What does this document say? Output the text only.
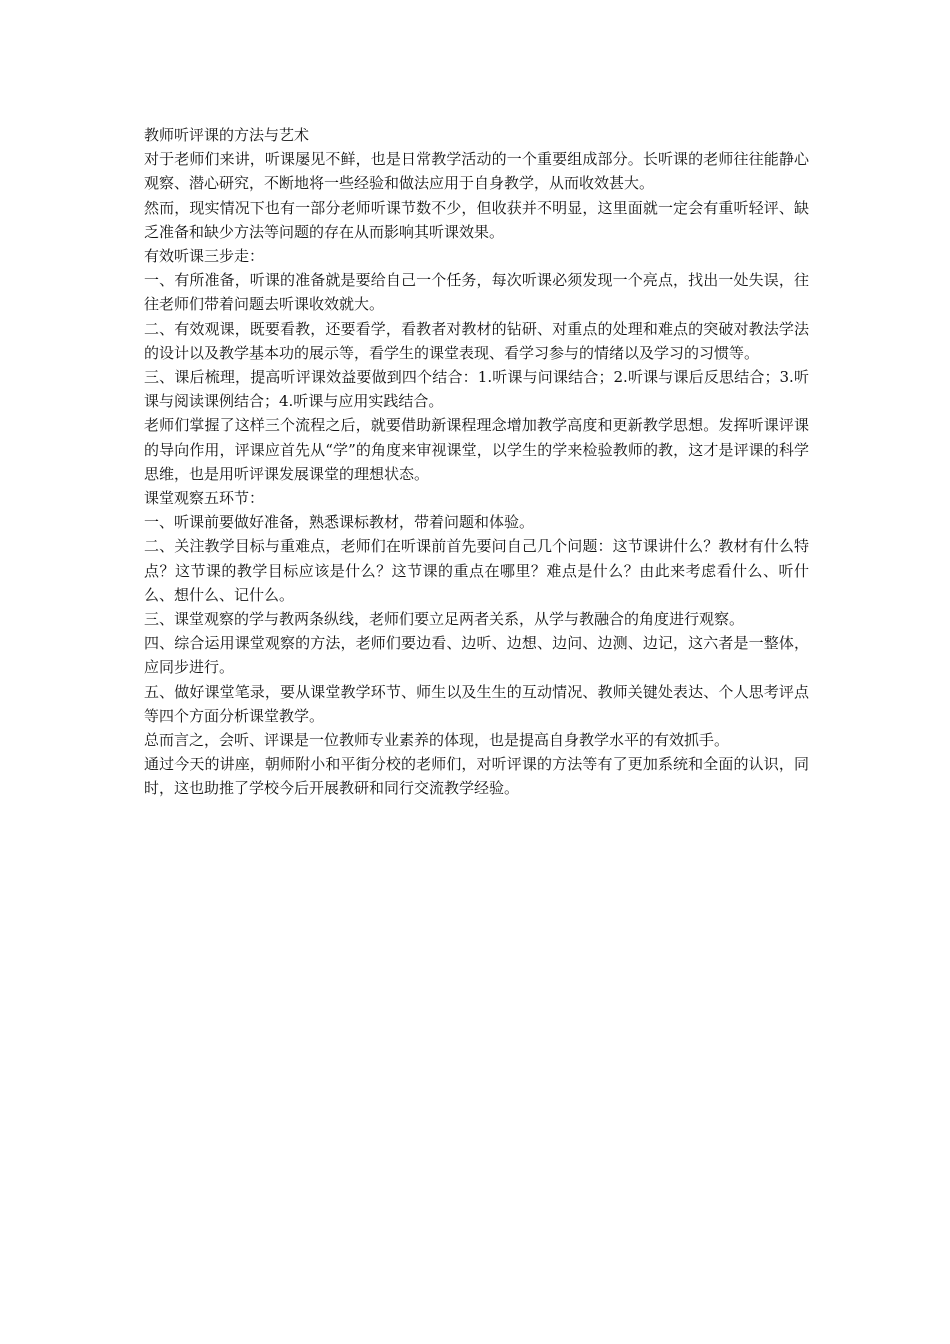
教师听评课的方法与艺术

对于老师们来讲，听课屡见不鲜，也是日常教学活动的一个重要组成部分。长听课的老师往往能静心观察、潜心研究，不断地将一些经验和做法应用于自身教学，从而收效甚大。

然而，现实情况下也有一部分老师听课节数不少，但收获并不明显，这里面就一定会有重听轻评、缺乏准备和缺少方法等问题的存在从而影响其听课效果。

有效听课三步走：

一、有所准备，听课的准备就是要给自己一个任务，每次听课必须发现一个亮点，找出一处失误，往往老师们带着问题去听课收效就大。

二、有效观课，既要看教，还要看学，看教者对教材的钻研、对重点的处理和难点的突破对教法学法的设计以及教学基本功的展示等，看学生的课堂表现、看学习参与的情绪以及学习的习惯等。

三、课后梳理，提高听评课效益要做到四个结合：1.听课与问课结合；2.听课与课后反思结合；3.听课与阅读课例结合；4.听课与应用实践结合。

老师们掌握了这样三个流程之后，就要借助新课程理念增加教学高度和更新教学思想。发挥听课评课的导向作用，评课应首先从“学”的角度来审视课堂，以学生的学来检验教师的教，这才是评课的科学思维，也是用听评课发展课堂的理想状态。

课堂观察五环节：

一、听课前要做好准备，熟悉课标教材，带着问题和体验。

二、关注教学目标与重难点，老师们在听课前首先要问自己几个问题：这节课讲什么？教材有什么特点？这节课的教学目标应该是什么？这节课的重点在哪里？难点是什么？由此来考虑看什么、听什么、想什么、记什么。

三、课堂观察的学与教两条纵线，老师们要立足两者关系，从学与教融合的角度进行观察。

四、综合运用课堂观察的方法，老师们要边看、边听、边想、边问、边测、边记，这六者是一整体，应同步进行。

五、做好课堂笔录，要从课堂教学环节、师生以及生生的互动情况、教师关键处表达、个人思考评点等四个方面分析课堂教学。

总而言之，会听、评课是一位教师专业素养的体现，也是提高自身教学水平的有效抓手。

通过今天的讲座，朝师附小和平街分校的老师们，对听评课的方法等有了更加系统和全面的认识，同时，这也助推了学校今后开展教研和同行交流教学经验。
